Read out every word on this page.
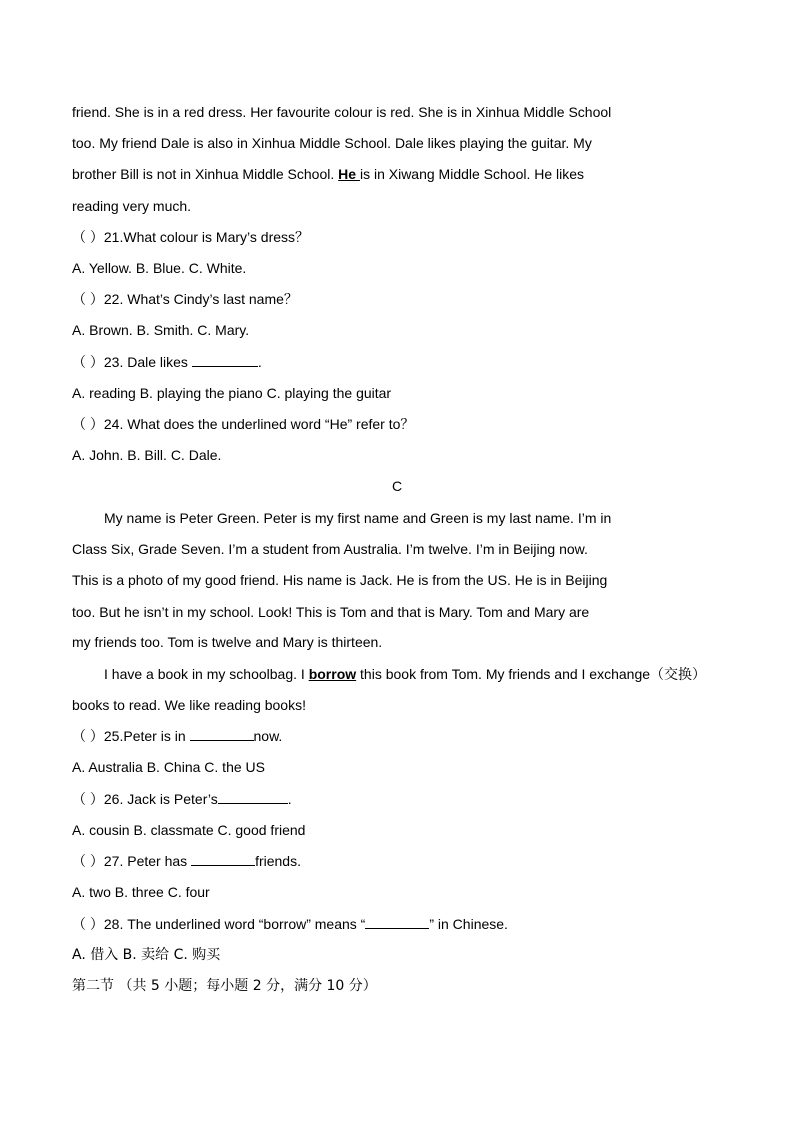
friend. She is in a red dress. Her favourite colour is red. She is in Xinhua Middle School
too. My friend Dale is also in Xinhua Middle School. Dale likes playing the guitar. My
brother Bill is not in Xinhua Middle School. He is in Xiwang Middle School. He likes
reading very much.
（ ）21.What colour is Mary’s dress？
A. Yellow. B. Blue. C. White.
（ ）22. What’s Cindy’s last name？
A. Brown. B. Smith. C. Mary.
（ ）23. Dale likes	.
A. reading B. playing the piano C. playing the guitar
（ ）24. What does the underlined word “He” refer to？
A. John. B. Bill. C. Dale.
C
My name is Peter Green. Peter is my first name and Green is my last name. I’m in
Class Six, Grade Seven. I’m a student from Australia. I’m twelve. I’m in Beijing now.
This is a photo of my good friend. His name is Jack. He is from the US. He is in Beijing
too. But he isn’t in my school. Look! This is Tom and that is Mary. Tom and Mary are
my friends too. Tom is twelve and Mary is thirteen.
I have a book in my schoolbag. I borrow this book from Tom. My friends and I exchange（交换）
books to read. We like reading books!
（ ）25.Peter is in	now.
A. Australia B. China C. the US
（ ）26. Jack is Peter’s	.
A. cousin B. classmate C. good friend
（ ）27. Peter has	friends.
A. two B. three C. four
（ ）28. The underlined word “borrow” means “	” in Chinese.
A. 借入 B. 卖给 C. 购买
第二节 （共 5 小题；每小题 2 分，满分 10 分）
